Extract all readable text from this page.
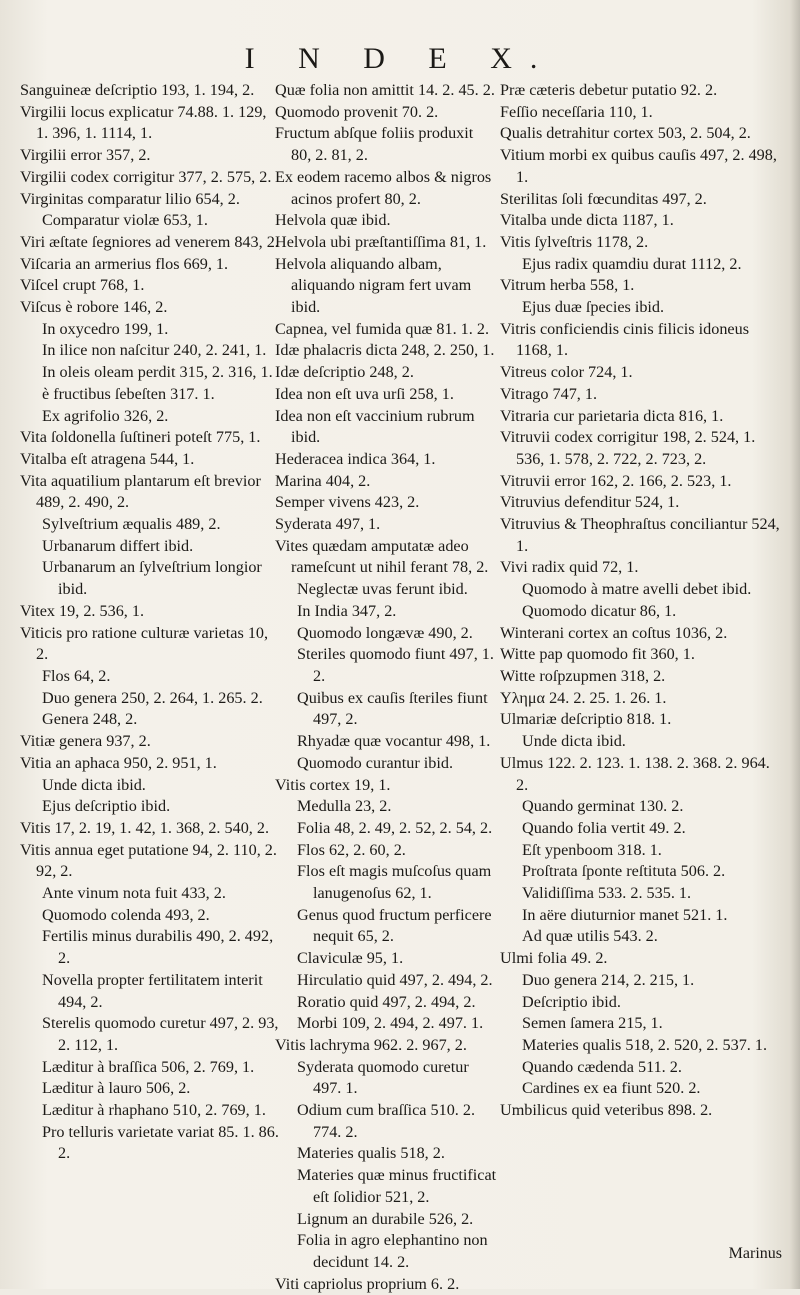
I N D E X.

Sanguineæ deſcriptio 193, 1. 194, 2.

Virgilii locus explicatur 74.88. 1. 129, 1. 396, 1. 1114, 1.

Virgilii error 357, 2.

Virgilii codex corrigitur 377, 2. 575, 2.

Virginitas comparatur lilio 654, 2.

Comparatur violæ 653, 1.

Viri æſtate ſegniores ad venerem 843, 2.

Viſcaria an armerius flos 669, 1.

Viſcel crupt 768, 1.

Viſcus è robore 146, 2.

In oxycedro 199, 1.

In ilice non naſcitur 240, 2. 241, 1.

In oleis oleam perdit 315, 2. 316, 1.

è fructibus ſebeſten 317. 1.

Ex agrifolio 326, 2.

Vita ſoldonella ſuſtineri poteſt 775, 1.

Vitalba eſt atragena 544, 1.

Vita aquatilium plantarum eſt brevior 489, 2. 490, 2.

Sylveſtrium æqualis 489, 2.

Urbanarum differt ibid.

Urbanarum an ſylveſtrium longior ibid.

Vitex 19, 2. 536, 1.

Viticis pro ratione culturæ varietas 10, 2.

Flos 64, 2.

Duo genera 250, 2. 264, 1. 265. 2.

Genera 248, 2.

Vitiæ genera 937, 2.

Vitia an aphaca 950, 2. 951, 1.

Unde dicta ibid.

Ejus deſcriptio ibid.

Vitis 17, 2. 19, 1. 42, 1. 368, 2. 540, 2.

Vitis annua eget putatione 94, 2. 110, 2. 92, 2.

Ante vinum nota fuit 433, 2.

Quomodo colenda 493, 2.

Fertilis minus durabilis 490, 2. 492, 2.

Novella propter fertilitatem interit 494, 2.

Sterelis quomodo curetur 497, 2. 93, 2. 112, 1.

Læditur à braſſica 506, 2. 769, 1.

Læditur à lauro 506, 2.

Læditur à rhaphano 510, 2. 769, 1.

Pro telluris varietate variat 85. 1. 86. 2.

Quæ folia non amittit 14. 2. 45. 2.

Quomodo provenit 70. 2.

Fructum abſque foliis produxit 80, 2. 81, 2.

Ex eodem racemo albos & nigros acinos profert 80, 2.

Helvola quæ ibid.

Helvola ubi præſtantiſſima 81, 1.

Helvola aliquando albam, aliquando nigram fert uvam ibid.

Capnea, vel fumida quæ 81. 1. 2.

Idæ phalacris dicta 248, 2. 250, 1.

Idæ deſcriptio 248, 2.

Idea non eſt uva urſi 258, 1.

Idea non eſt vaccinium rubrum ibid.

Hederacea indica 364, 1.

Marina 404, 2.

Semper vivens 423, 2.

Syderata 497, 1.

Vites quædam amputatæ adeo rameſcunt ut nihil ferant 78, 2.

Neglectæ uvas ferunt ibid.

In India 347, 2.

Quomodo longævæ 490, 2.

Steriles quomodo fiunt 497, 1. 2.

Quibus ex cauſis ſteriles fiunt 497, 2.

Rhyadæ quæ vocantur 498, 1.

Quomodo curantur ibid.

Vitis cortex 19, 1.

Medulla 23, 2.

Folia 48, 2. 49, 2. 52, 2. 54, 2.

Flos 62, 2. 60, 2.

Flos eſt magis muſcoſus quam lanugenoſus 62, 1.

Genus quod fructum perficere nequit 65, 2.

Claviculæ 95, 1.

Hirculatio quid 497, 2. 494, 2.

Roratio quid 497, 2. 494, 2.

Morbi 109, 2. 494, 2. 497. 1.

Vitis lachryma 962. 2. 967, 2.

Syderata quomodo curetur 497. 1.

Odium cum braſſica 510. 2. 774. 2.

Materies qualis 518, 2.

Materies quæ minus fructificat eſt ſolidior 521, 2.

Lignum an durabile 526, 2.

Folia in agro elephantino non decidunt 14. 2.

Viti capriolus proprium 6. 2.

Præ cæteris debetur putatio 92. 2.

Feſſio neceſſaria 110, 1.

Qualis detrahitur cortex 503, 2. 504, 2.

Vitium morbi ex quibus cauſis 497, 2. 498, 1.

Sterilitas ſoli fœcunditas 497, 2.

Vitalba unde dicta 1187, 1.

Vitis ſylveſtris 1178, 2.

Ejus radix quamdiu durat 1112, 2.

Vitrum herba 558, 1.

Ejus duæ ſpecies ibid.

Vitris conficiendis cinis filicis idoneus 1168, 1.

Vitreus color 724, 1.

Vitrago 747, 1.

Vitraria cur parietaria dicta 816, 1.

Vitruvii codex corrigitur 198, 2. 524, 1. 536, 1. 578, 2. 722, 2. 723, 2.

Vitruvii error 162, 2. 166, 2. 523, 1.

Vitruvius defenditur 524, 1.

Vitruvius & Theophraſtus conciliantur 524, 1.

Vivi radix quid 72, 1.

Quomodo à matre avelli debet ibid.

Quomodo dicatur 86, 1.

Winterani cortex an coſtus 1036, 2.

Witte pap quomodo fit 360, 1.

Witte roſpzupmen 318, 2.

Υλημα 24. 2. 25. 1. 26. 1.

Ulmariæ deſcriptio 818. 1.

Unde dicta ibid.

Ulmus 122. 2. 123. 1. 138. 2. 368. 2. 964. 2.

Quando germinat 130. 2.

Quando folia vertit 49. 2.

Eſt ypenboom 318. 1.

Proſtrata ſponte reſtituta 506. 2.

Validiſſima 533. 2. 535. 1.

In aëre diuturnior manet 521. 1.

Ad quæ utilis 543. 2.

Ulmi folia 49. 2.

Duo genera 214, 2. 215, 1.

Deſcriptio ibid.

Semen ſamera 215, 1.

Materies qualis 518, 2. 520, 2. 537. 1.

Quando cædenda 511. 2.

Cardines ex ea fiunt 520. 2.

Umbilicus quid veteribus 898. 2.

Marinus
